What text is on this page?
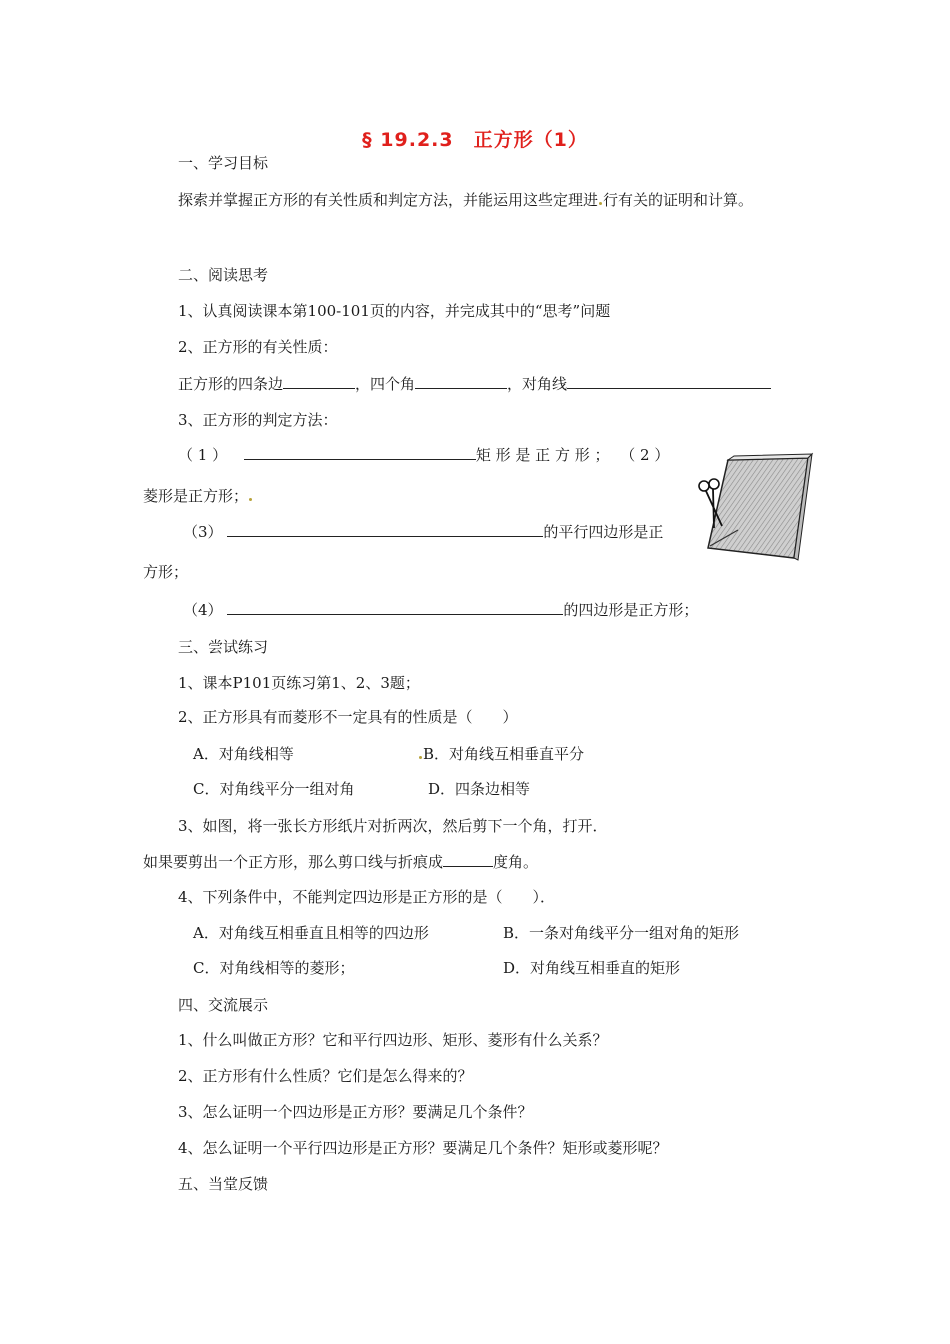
§ 19.2.3　正方形（1）
一、学习目标
探索并掌握正方形的有关性质和判定方法，并能运用这些定理进 行有关的证明和计算。
二、阅读思考
1、认真阅读课本第100-101页的内容，并完成其中的“思考”问题
2、正方形的有关性质：
正方形的四条边	，四个角	，对角线
3、正方形的判定方法：
（ 1 ）	矩 形 是 正 方 形 ； （ 2 ）
菱形是正方形；
（3）	的平行四边形是正
方形；
（4）	的四边形是正方形；
三、尝试练习
1、课本P101页练习第1、2、3题；
2、正方形具有而菱形不一定具有的性质是（　　）
A．对角线相等	B．对角线互相垂直平分
C．对角线平分一组对角	D．四条边相等
3、如图，将一张长方形纸片对折两次，然后剪下一个角，打开．
如果要剪出一个正方形，那么剪口线与折痕成	度角。
4、下列条件中，不能判定四边形是正方形的是（　　）．
A．对角线互相垂直且相等的四边形	B．一条对角线平分一组对角的矩形
C．对角线相等的菱形；	D．对角线互相垂直的矩形
四、交流展示
1、什么叫做正方形？它和平行四边形、矩形、菱形有什么关系？
2、正方形有什么性质？它们是怎么得来的？
3、怎么证明一个四边形是正方形？要满足几个条件？
4、怎么证明一个平行四边形是正方形？要满足几个条件？矩形或菱形呢？
五、当堂反馈
